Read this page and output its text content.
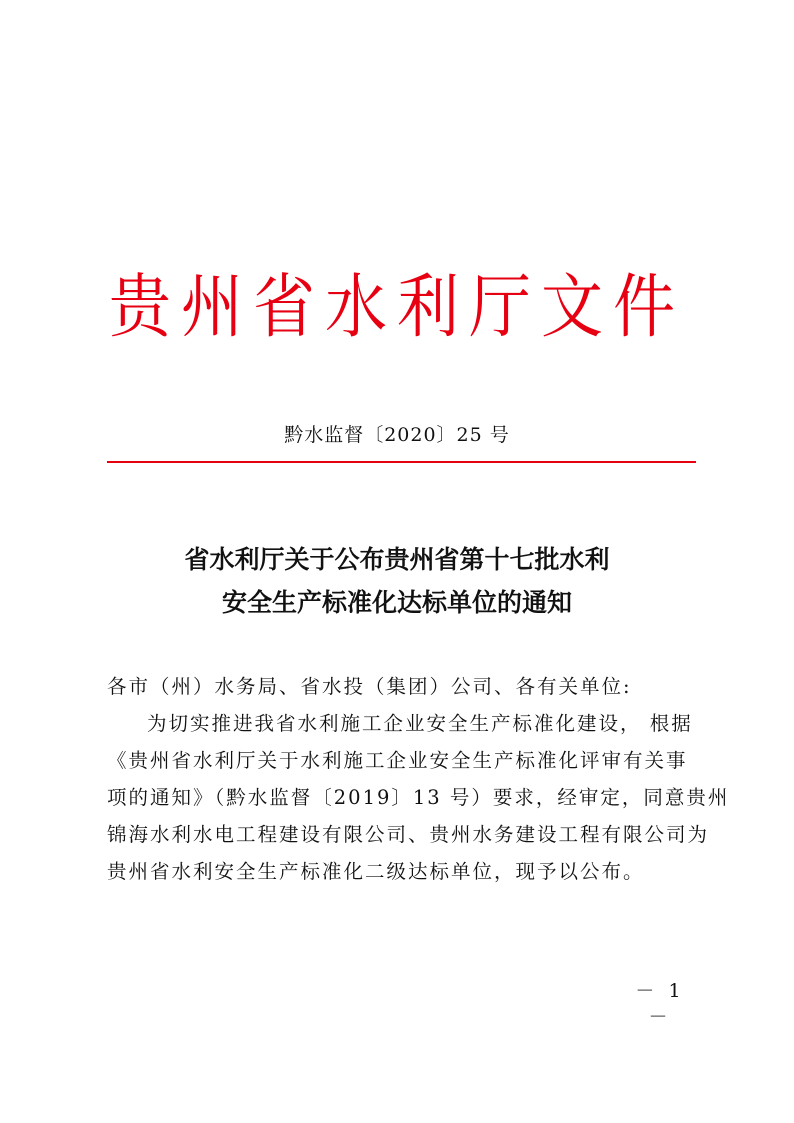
贵州省水利厅文件
黔水监督〔2020〕25 号
省水利厅关于公布贵州省第十七批水利
安全生产标准化达标单位的通知

各市（州）水务局、省水投（集团）公司、各有关单位:

为切实推进我省水利施工企业安全生产标准化建设， 根据

《贵州省水利厅关于水利施工企业安全生产标准化评审有关事

项的通知》（黔水监督〔2019〕13 号）要求，经审定，同意贵州

锦海水利水电工程建设有限公司、贵州水务建设工程有限公司为

贵州省水利安全生产标准化二级达标单位，现予以公布。

－ 1 －
